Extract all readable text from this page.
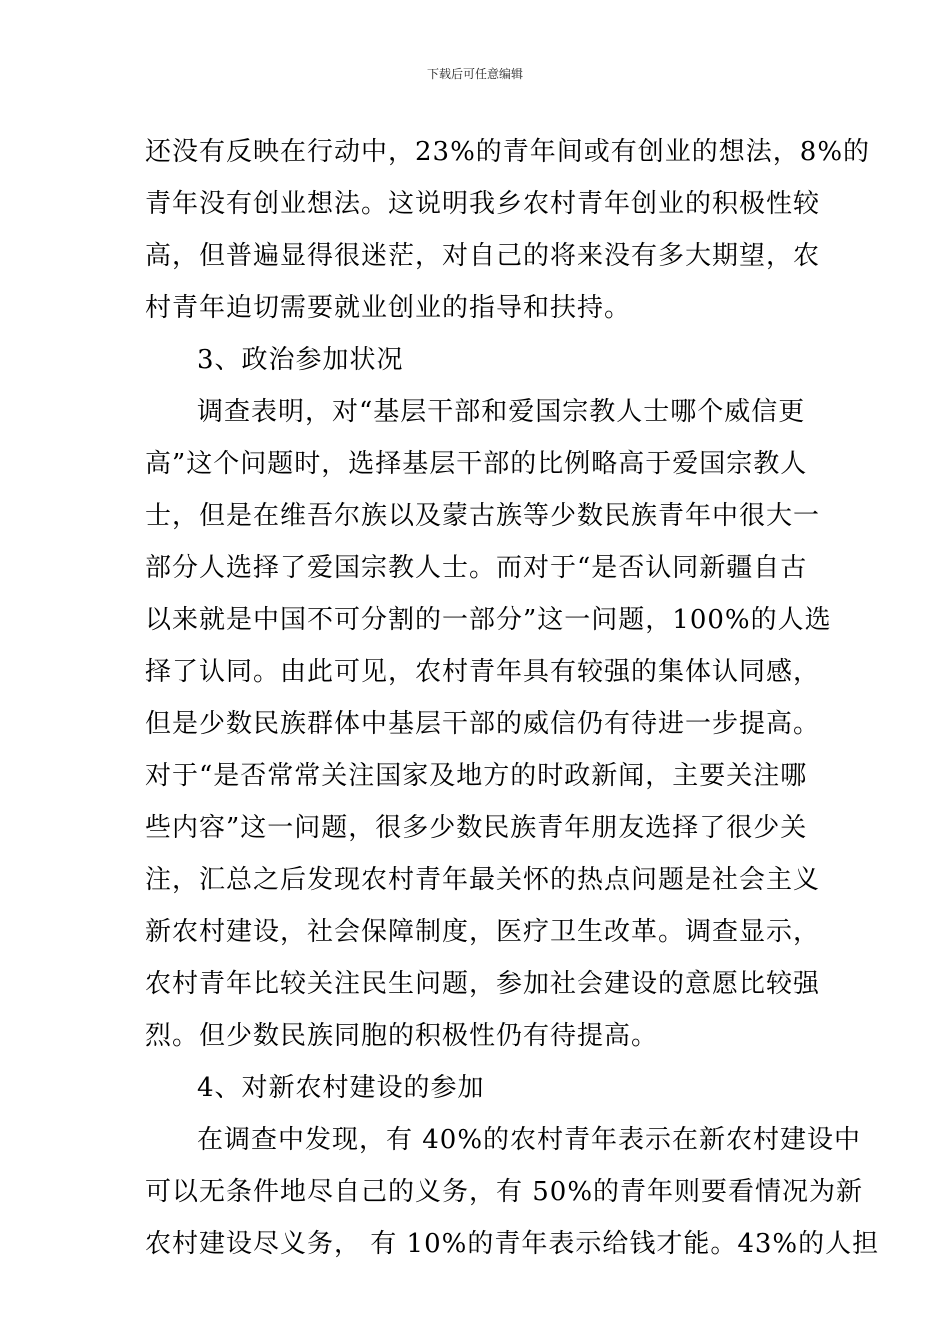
下载后可任意编辑
还没有反映在行动中，23%的青年间或有创业的想法，8%的
青年没有创业想法。这说明我乡农村青年创业的积极性较
高，但普遍显得很迷茫，对自己的将来没有多大期望，农
村青年迫切需要就业创业的指导和扶持。
3、政治参加状况
调查表明，对“基层干部和爱国宗教人士哪个威信更
高”这个问题时，选择基层干部的比例略高于爱国宗教人
士，但是在维吾尔族以及蒙古族等少数民族青年中很大一
部分人选择了爱国宗教人士。而对于“是否认同新疆自古
以来就是中国不可分割的一部分”这一问题，100%的人选
择了认同。由此可见，农村青年具有较强的集体认同感，
但是少数民族群体中基层干部的威信仍有待进一步提高。
对于“是否常常关注国家及地方的时政新闻，主要关注哪
些内容”这一问题，很多少数民族青年朋友选择了很少关
注，汇总之后发现农村青年最关怀的热点问题是社会主义
新农村建设，社会保障制度，医疗卫生改革。调查显示，
农村青年比较关注民生问题，参加社会建设的意愿比较强
烈。但少数民族同胞的积极性仍有待提高。
4、对新农村建设的参加
在调查中发现，有 40%的农村青年表示在新农村建设中
可以无条件地尽自己的义务，有 50%的青年则要看情况为新
农村建设尽义务， 有 10%的青年表示给钱才能。43%的人担
